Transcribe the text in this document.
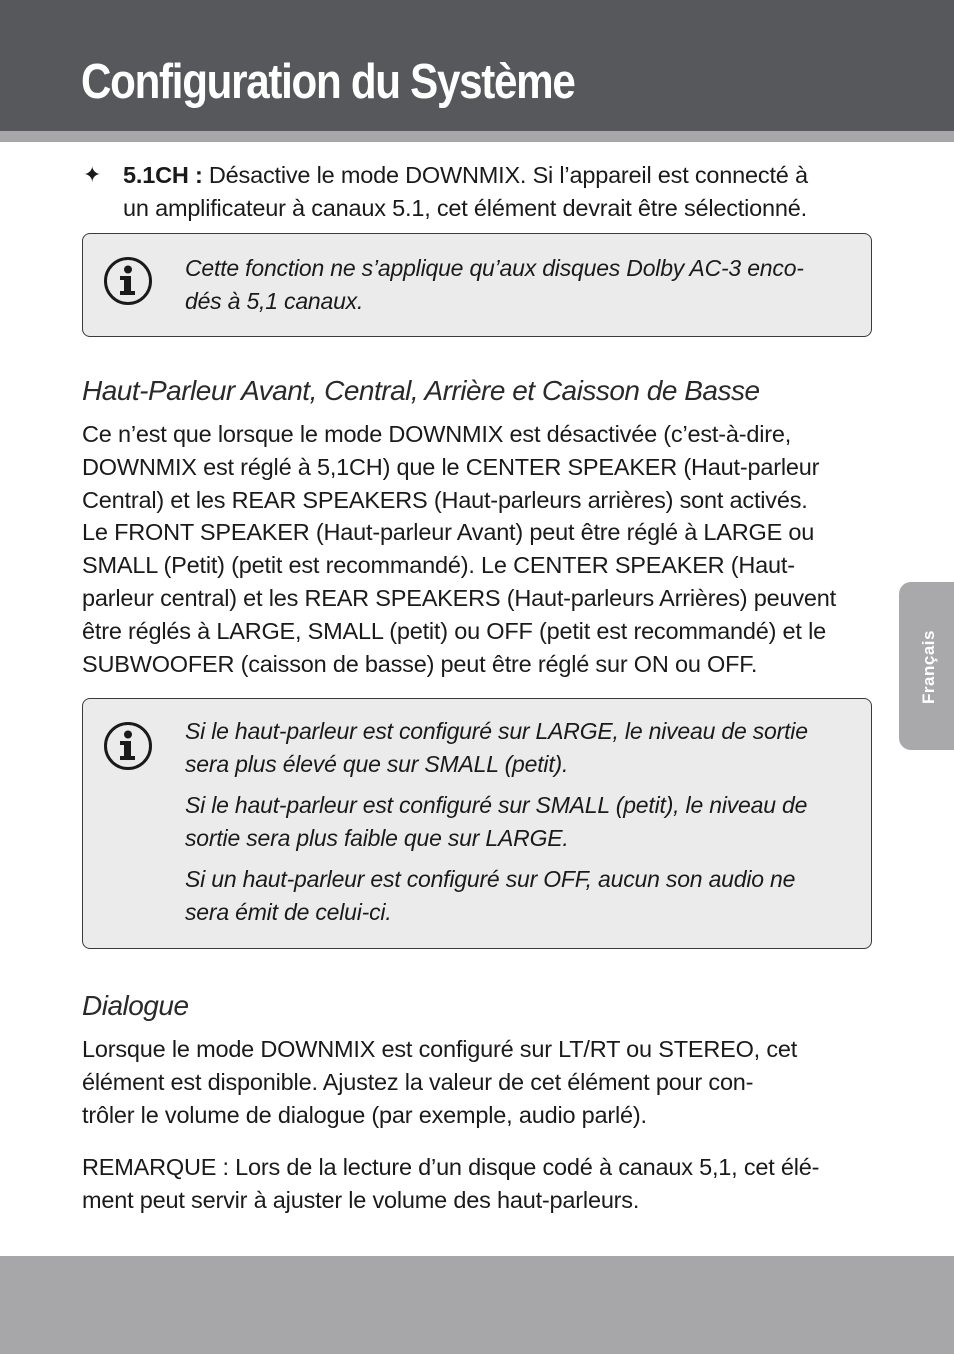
Configuration du Système
Français
✦ 5.1CH : Désactive le mode DOWNMIX. Si l’appareil est connecté à
un amplificateur à canaux 5.1, cet élément devrait être sélectionné.
Cette fonction ne s’applique qu’aux disques Dolby AC-3 enco-
dés à 5,1 canaux.
Haut-Parleur Avant, Central, Arrière et Caisson de Basse
Ce n’est que lorsque le mode DOWNMIX est désactivée (c’est-à-dire,
DOWNMIX est réglé à 5,1CH) que le CENTER SPEAKER (Haut-parleur
Central) et les REAR SPEAKERS (Haut-parleurs arrières) sont activés.
Le FRONT SPEAKER (Haut-parleur Avant) peut être réglé à LARGE ou
SMALL (Petit) (petit est recommandé). Le CENTER SPEAKER (Haut-
parleur central) et les REAR SPEAKERS (Haut-parleurs Arrières) peuvent
être réglés à LARGE, SMALL (petit) ou OFF (petit est recommandé) et le
SUBWOOFER (caisson de basse) peut être réglé sur ON ou OFF.
Si le haut-parleur est configuré sur LARGE, le niveau de sortie
sera plus élevé que sur SMALL (petit).
Si le haut-parleur est configuré sur SMALL (petit), le niveau de
sortie sera plus faible que sur LARGE.
Si un haut-parleur est configuré sur OFF, aucun son audio ne
sera émit de celui-ci.
Dialogue
Lorsque le mode DOWNMIX est configuré sur LT/RT ou STEREO, cet
élément est disponible. Ajustez la valeur de cet élément pour con-
trôler le volume de dialogue (par exemple, audio parlé).
REMARQUE : Lors de la lecture d’un disque codé à canaux 5,1, cet élé-
ment peut servir à ajuster le volume des haut-parleurs.
